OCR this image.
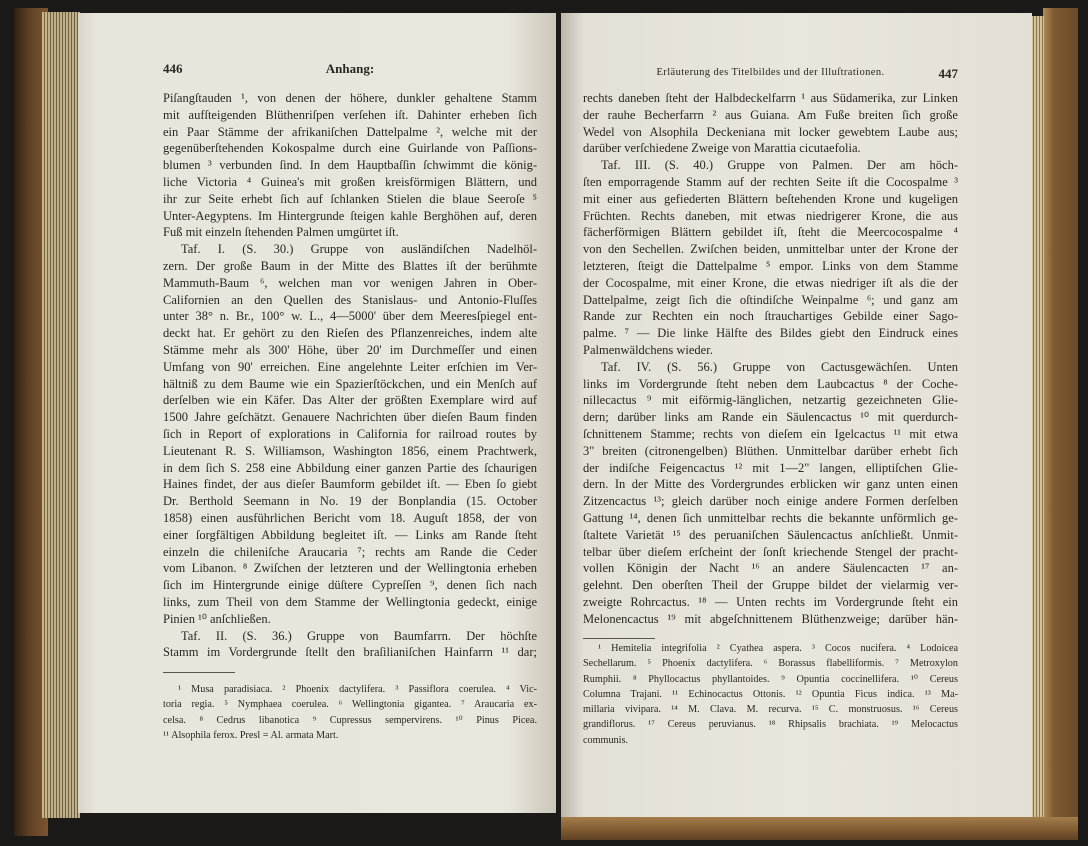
446	Anhang:
Piſangſtauden ¹, von denen der höhere, dunkler gehaltene Stamm
mit aufſteigenden Blüthenriſpen verſehen iſt. Dahinter erheben ſich
ein Paar Stämme der afrikaniſchen Dattelpalme ², welche mit der
gegenüberſtehenden Kokospalme durch eine Guirlande von Paſſions-
blumen ³ verbunden ſind. In dem Hauptbaſſin ſchwimmt die könig-
liche Victoria ⁴ Guinea's mit großen kreisförmigen Blättern, und
ihr zur Seite erhebt ſich auf ſchlanken Stielen die blaue Seeroſe ⁵
Unter-Aegyptens. Im Hintergrunde ſteigen kahle Berghöhen auf, deren
Fuß mit einzeln ſtehenden Palmen umgürtet iſt.
Taf. I. (S. 30.) Gruppe von ausländiſchen Nadelhöl-
zern. Der große Baum in der Mitte des Blattes iſt der berühmte
Mammuth-Baum ⁶, welchen man vor wenigen Jahren in Ober-
Californien an den Quellen des Stanislaus- und Antonio-Fluſſes
unter 38° n. Br., 100° w. L., 4—5000' über dem Meeresſpiegel ent-
deckt hat. Er gehört zu den Rieſen des Pflanzenreiches, indem alte
Stämme mehr als 300' Höhe, über 20' im Durchmeſſer und einen
Umfang von 90' erreichen. Eine angelehnte Leiter erſchien im Ver-
hältniß zu dem Baume wie ein Spazierſtöckchen, und ein Menſch auf
derſelben wie ein Käfer. Das Alter der größten Exemplare wird auf
1500 Jahre geſchätzt. Genauere Nachrichten über dieſen Baum finden
ſich in Report of explorations in California for railroad routes by
Lieutenant R. S. Williamson, Washington 1856, einem Prachtwerk,
in dem ſich S. 258 eine Abbildung einer ganzen Partie des ſchaurigen
Haines findet, der aus dieſer Baumform gebildet iſt. — Eben ſo giebt
Dr. Berthold Seemann in No. 19 der Bonplandia (15. October
1858) einen ausführlichen Bericht vom 18. Auguſt 1858, der von
einer ſorgfältigen Abbildung begleitet iſt. — Links am Rande ſteht
einzeln die chileniſche Araucaria ⁷; rechts am Rande die Ceder
vom Libanon. ⁸ Zwiſchen der letzteren und der Wellingtonia erheben
ſich im Hintergrunde einige düſtere Cypreſſen ⁹, denen ſich nach
links, zum Theil von dem Stamme der Wellingtonia gedeckt, einige
Pinien ¹⁰ anſchließen.
Taf. II. (S. 36.) Gruppe von Baumfarrn. Der höchſte
Stamm im Vordergrunde ſtellt den braſilianiſchen Hainfarrn ¹¹ dar;
¹ Musa paradisiaca. ² Phoenix dactylifera. ³ Passiflora coerulea. ⁴ Vic-
toria regia. ⁵ Nymphaea coerulea. ⁶ Wellingtonia gigantea. ⁷ Araucaria ex-
celsa. ⁸ Cedrus libanotica ⁹ Cupressus sempervirens. ¹⁰ Pinus Picea.
¹¹ Alsophila ferox. Presl = Al. armata Mart.
Erläuterung des Titelbildes und der Illuſtrationen.	447
rechts daneben ſteht der Halbdeckelfarrn ¹ aus Südamerika, zur Linken
der rauhe Becherfarrn ² aus Guiana. Am Fuße breiten ſich große
Wedel von Alsophila Deckeniana mit locker gewebtem Laube aus;
darüber verſchiedene Zweige von Marattia cicutaefolia.
Taf. III. (S. 40.) Gruppe von Palmen. Der am höch-
ſten emporragende Stamm auf der rechten Seite iſt die Cocospalme ³
mit einer aus gefiederten Blättern beſtehenden Krone und kugeligen
Früchten. Rechts daneben, mit etwas niedrigerer Krone, die aus
fächerförmigen Blättern gebildet iſt, ſteht die Meercocospalme ⁴
von den Sechellen. Zwiſchen beiden, unmittelbar unter der Krone der
letzteren, ſteigt die Dattelpalme ⁵ empor. Links von dem Stamme
der Cocospalme, mit einer Krone, die etwas niedriger iſt als die der
Dattelpalme, zeigt ſich die oſtindiſche Weinpalme ⁶; und ganz am
Rande zur Rechten ein noch ſtrauchartiges Gebilde einer Sago-
palme. ⁷ — Die linke Hälfte des Bildes giebt den Eindruck eines
Palmenwäldchens wieder.
Taf. IV. (S. 56.) Gruppe von Cactusgewächſen. Unten
links im Vordergrunde ſteht neben dem Laubcactus ⁸ der Coche-
nillecactus ⁹ mit eiförmig-länglichen, netzartig gezeichneten Glie-
dern; darüber links am Rande ein Säulencactus ¹⁰ mit querdurch-
ſchnittenem Stamme; rechts von dieſem ein Igelcactus ¹¹ mit etwa
3" breiten (citronengelben) Blüthen. Unmittelbar darüber erhebt ſich
der indiſche Feigencactus ¹² mit 1—2" langen, elliptiſchen Glie-
dern. In der Mitte des Vordergrundes erblicken wir ganz unten einen
Zitzencactus ¹³; gleich darüber noch einige andere Formen derſelben
Gattung ¹⁴, denen ſich unmittelbar rechts die bekannte unförmlich ge-
ſtaltete Varietät ¹⁵ des peruaniſchen Säulencactus anſchließt. Unmit-
telbar über dieſem erſcheint der ſonſt kriechende Stengel der pracht-
vollen Königin der Nacht ¹⁶ an andere Säulencacten ¹⁷ an-
gelehnt. Den oberſten Theil der Gruppe bildet der vielarmig ver-
zweigte Rohrcactus. ¹⁸ — Unten rechts im Vordergrunde ſteht ein
Melonencactus ¹⁹ mit abgeſchnittenem Blüthenzweige; darüber hän-
¹ Hemitelia integrifolia ² Cyathea aspera. ³ Cocos nucifera. ⁴ Lodoicea
Sechellarum. ⁵ Phoenix dactylifera. ⁶ Borassus flabelliformis. ⁷ Metroxylon
Rumphii. ⁸ Phyllocactus phyllantoides. ⁹ Opuntia coccinellifera. ¹⁰ Cereus
Columna Trajani. ¹¹ Echinocactus Ottonis. ¹² Opuntia Ficus indica. ¹³ Ma-
millaria vivipara. ¹⁴ M. Clava. M. recurva. ¹⁵ C. monstruosus. ¹⁶ Cereus
grandiflorus. ¹⁷ Cereus peruvianus. ¹⁸ Rhipsalis brachiata. ¹⁹ Melocactus
communis.
